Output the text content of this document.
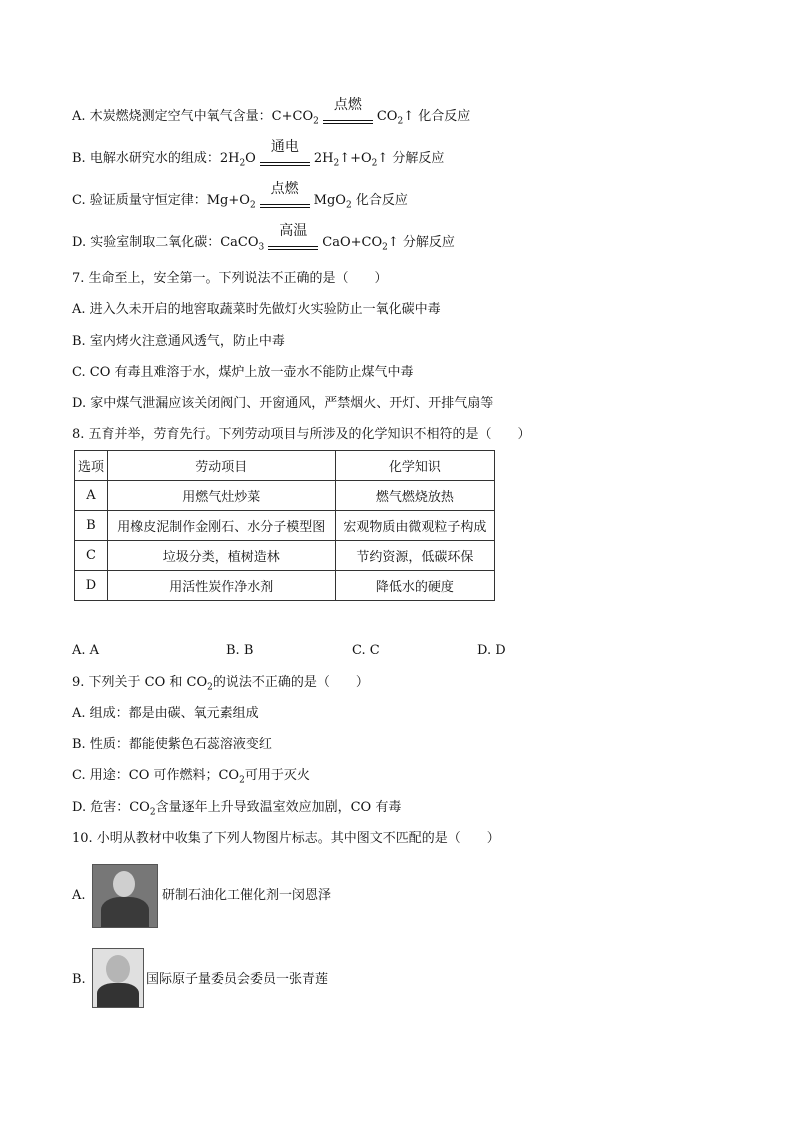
A. 木炭燃烧测定空气中氧气含量：$C+CO_2$
点燃
$CO_2↑$ 化合反应
B. 电解水研究水的组成：$2H_2O$
通电
$2H_2↑+O_2↑$ 分解反应
C. 验证质量守恒定律：$Mg+O_2$
点燃
MgO$_2$ 化合反应
D. 实验室制取二氧化碳：CaCO$_3$
高温
$CaO+CO_2↑$ 分解反应
7. 生命至上，安全第一。下列说法不正确的是（　　）
A. 进入久未开启的地窖取蔬菜时先做灯火实验防止一氧化碳中毒
B. 室内烤火注意通风透气，防止中毒
C. CO 有毒且难溶于水，煤炉上放一壶水不能防止煤气中毒
D. 家中煤气泄漏应该关闭阀门、开窗通风，严禁烟火、开灯、开排气扇等
8. 五育并举，劳育先行。下列劳动项目与所涉及的化学知识不相符的是（　　）
选项	劳动项目	化学知识
A	用燃气灶炒菜	燃气燃烧放热
B	用橡皮泥制作金刚石、水分子模型图	宏观物质由微观粒子构成
C	垃圾分类，植树造林	节约资源，低碳环保
D	用活性炭作净水剂	降低水的硬度
A. A	B. B	C. C	D. D
9. 下列关于 CO 和 $CO_2$的说法不正确的是（　　）
A. 组成：都是由碳、氧元素组成
B. 性质：都能使紫色石蕊溶液变红
C. 用途：CO 可作燃料；$CO_2$可用于灭火
D. 危害：$CO_2$含量逐年上升导致温室效应加剧，CO 有毒
10. 小明从教材中收集了下列人物图片标志。其中图文不匹配的是（　　）
A.	研制石油化工催化剂一闵恩泽
B.	国际原子量委员会委员一张青莲
